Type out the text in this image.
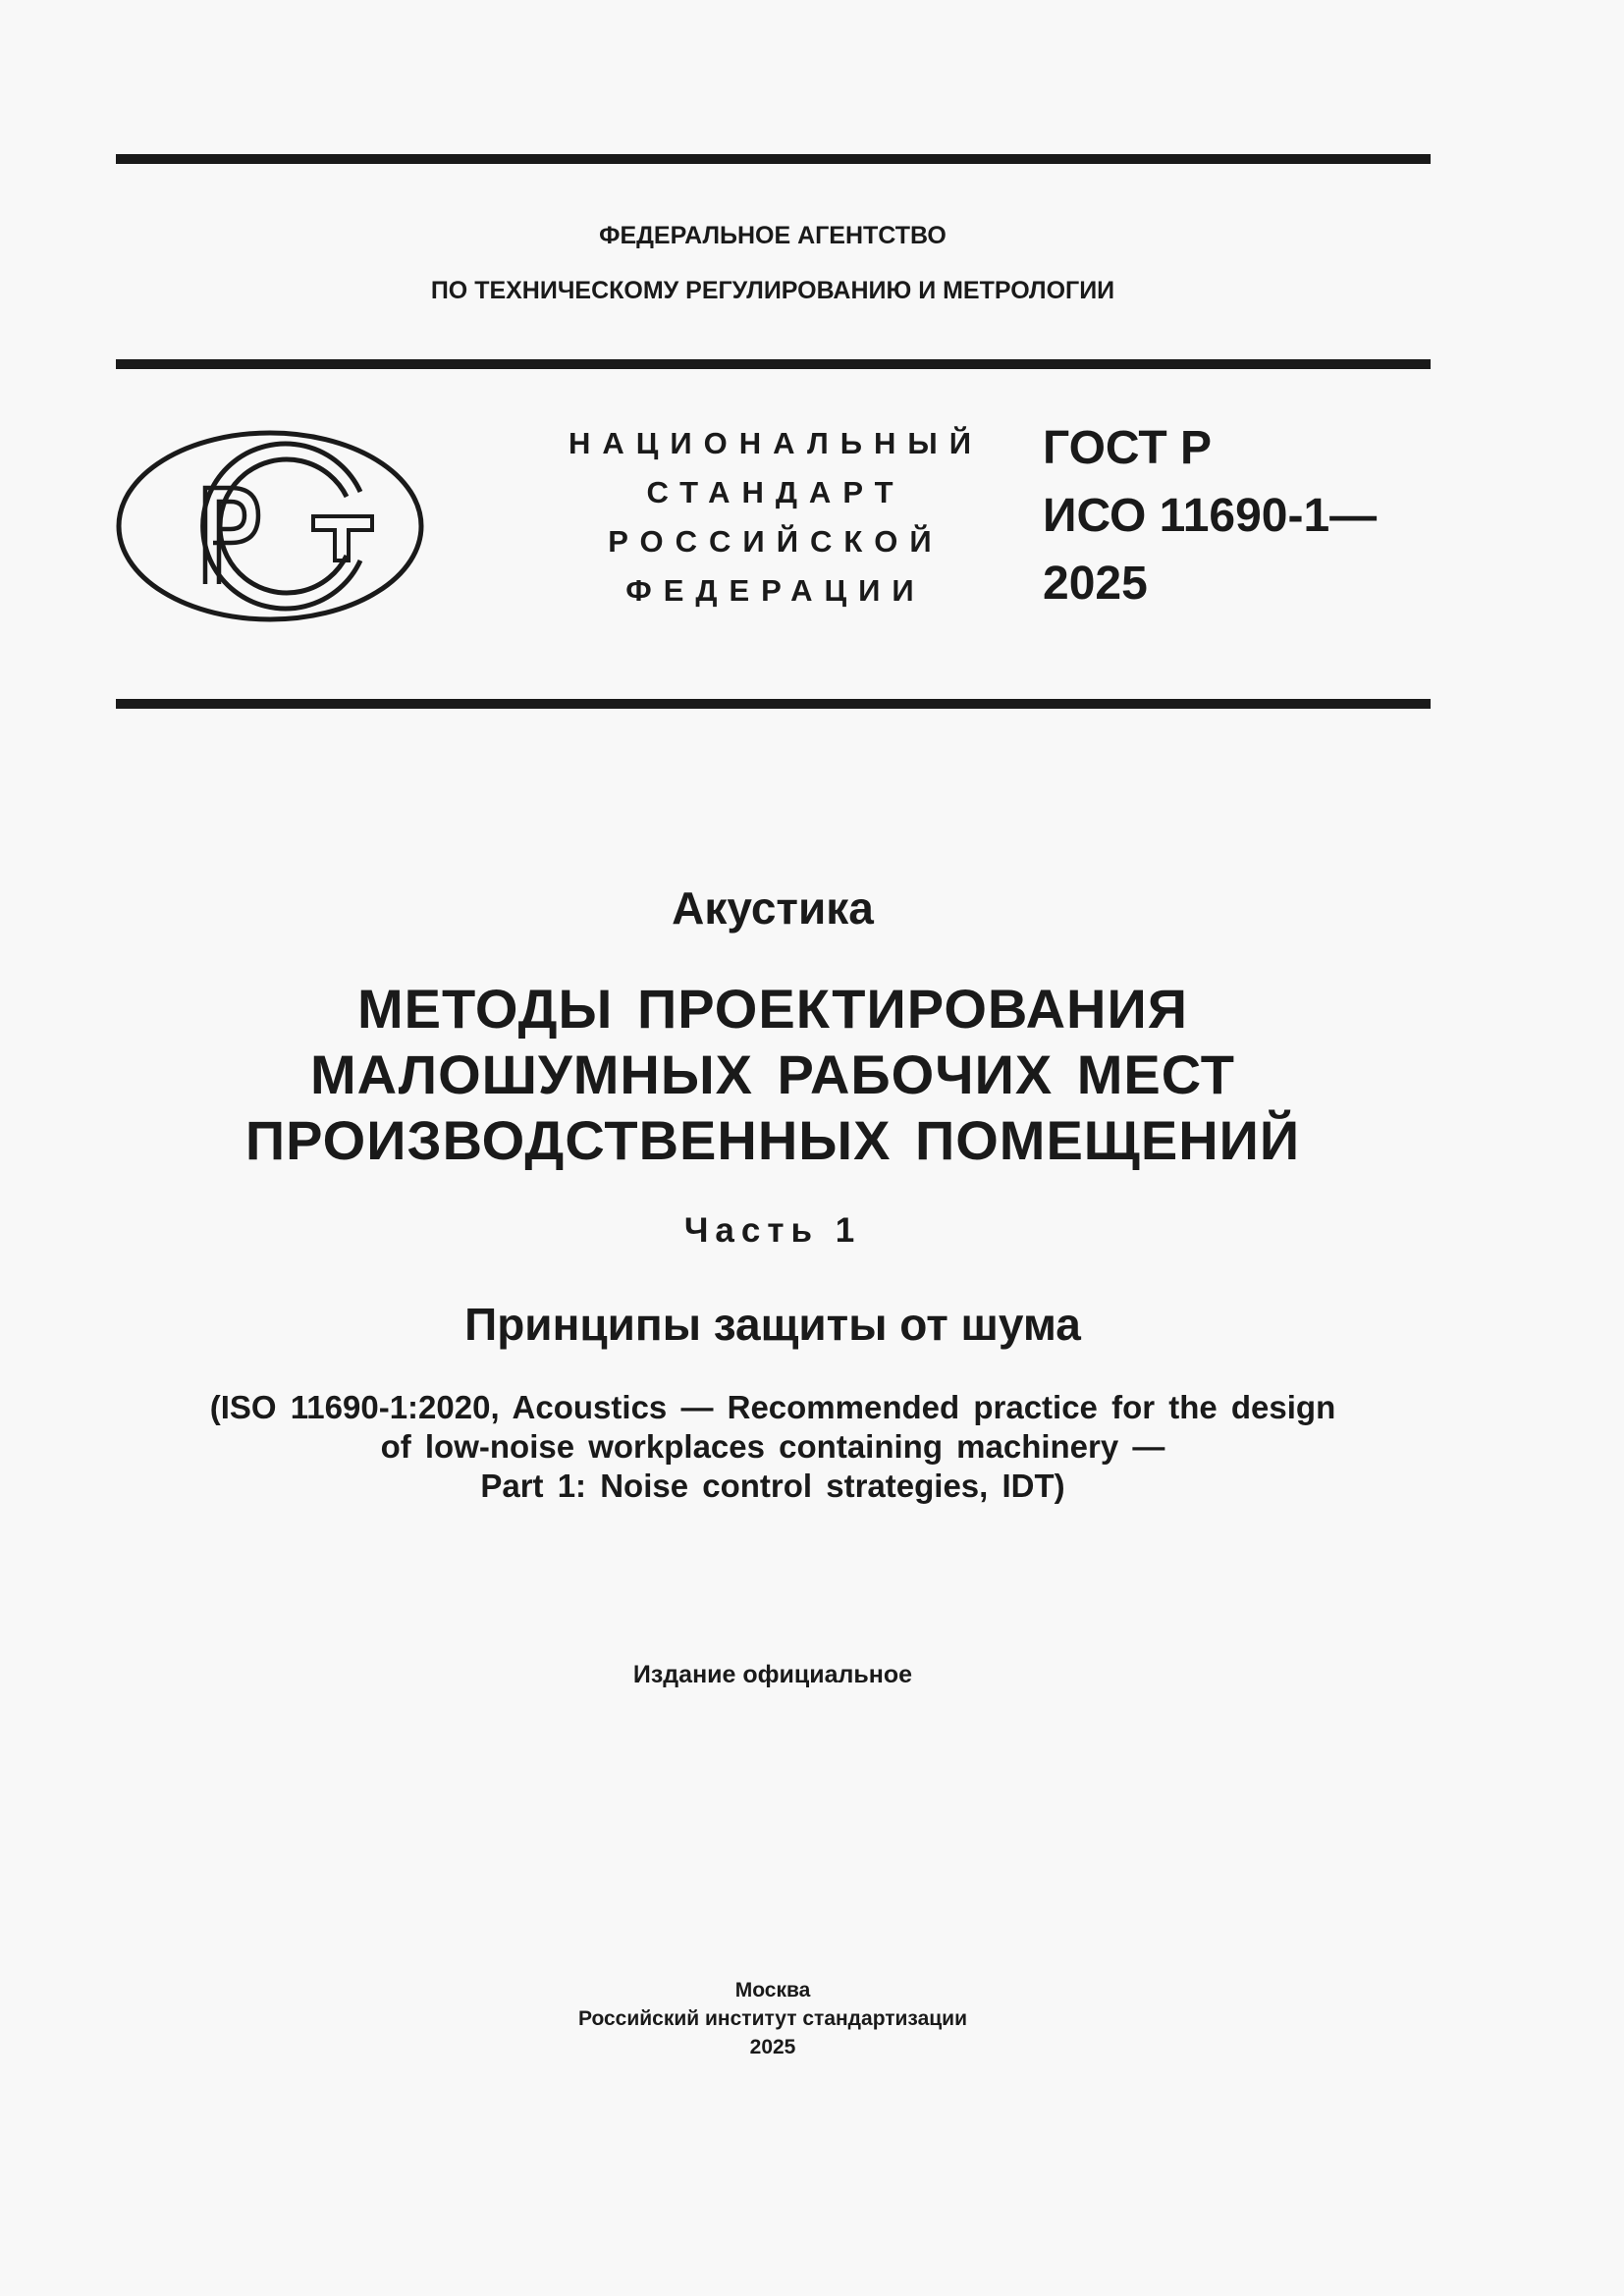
ФЕДЕРАЛЬНОЕ АГЕНТСТВО
ПО ТЕХНИЧЕСКОМУ РЕГУЛИРОВАНИЮ И МЕТРОЛОГИИ
НАЦИОНАЛЬНЫЙ
СТАНДАРТ
РОССИЙСКОЙ
ФЕДЕРАЦИИ
ГОСТ Р
ИСО 11690-1—
2025
Акустика
МЕТОДЫ ПРОЕКТИРОВАНИЯ
МАЛОШУМНЫХ РАБОЧИХ МЕСТ
ПРОИЗВОДСТВЕННЫХ ПОМЕЩЕНИЙ
Часть 1
Принципы защиты от шума
(ISO 11690-1:2020, Acoustics — Recommended practice for the design
of low-noise workplaces containing machinery —
Part 1: Noise control strategies, IDT)
Издание официальное
Москва
Российский институт стандартизации
2025
